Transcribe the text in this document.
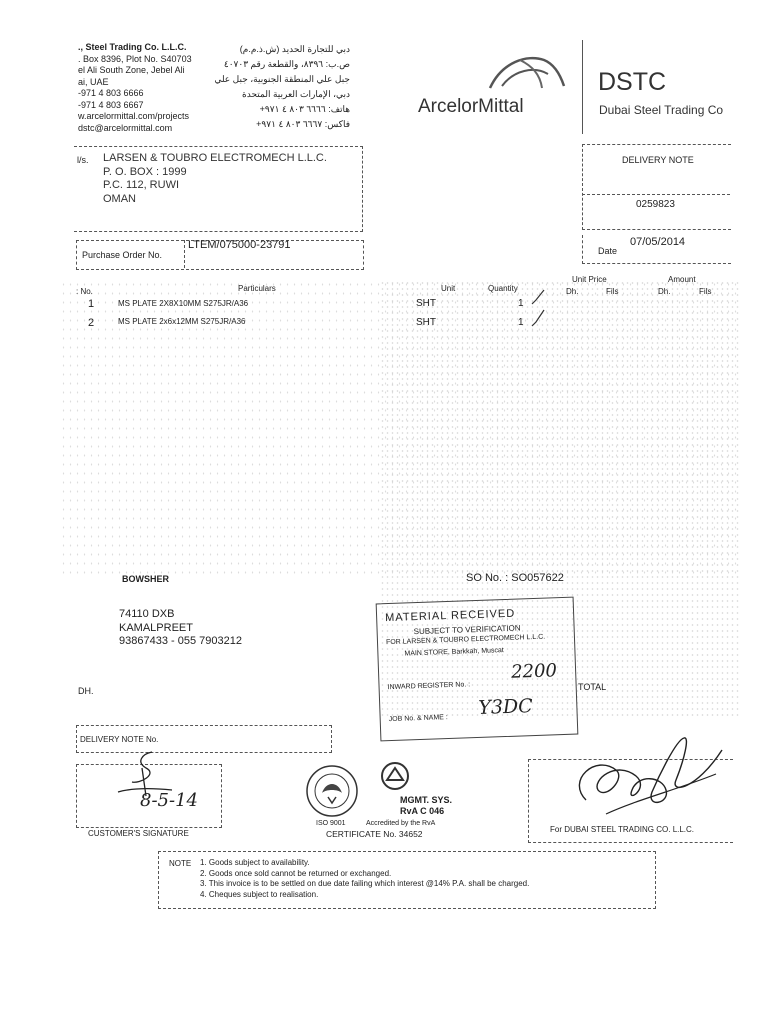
., Steel Trading Co. L.L.C.
. Box 8396, Plot No. S40703
el Ali South Zone, Jebel Ali
ai, UAE
-971 4 803 6666
-971 4 803 6667
w.arcelormittal.com/projects
dstc@arcelormittal.com
دبي للتجارة الحديد (ش.ذ.م.م)
ص.ب: ٨٣٩٦، والقطعة رقم ٤٠٧٠٣
جبل علي المنطقة الجنوبية، جبل علي
دبي، الإمارات العربية المتحدة
هاتف: ٦٦٦٦ ٨٠٣ ٤ ٩٧١+
فاكس: ٦٦٦٧ ٨٠٣ ٤ ٩٧١+
ArcelorMittal
DSTC
Dubai Steel Trading Co
l/s. LARSEN & TOUBRO ELECTROMECH L.L.C.
P. O. BOX : 1999
P.C. 112, RUWI
OMAN
DELIVERY NOTE
0259823
Date
07/05/2014
Purchase Order No.
LTEM/075000-23791
: No.	Particulars	Unit	Quantity
Unit Price
Dh.	Fils
Amount
Dh.	Fils
1	MS PLATE 2X8X10MM S275JR/A36	SHT	1
2	MS PLATE 2x6x12MM S275JR/A36	SHT	1
BOWSHER	SO No. : SO057622
74110 DXB
KAMALPREET
93867433 - 055 7903212
DH.	TOTAL
MATERIAL RECEIVED
SUBJECT TO VERIFICATION
FOR LARSEN & TOUBRO ELECTROMECH L.L.C.
MAIN STORE, Barkkah, Muscat
INWARD REGISTER No. :
2200
JOB No. & NAME : Y3DC
DELIVERY NOTE No.
8-5-14
CUSTOMER'S SIGNATURE
MGMT. SYS.
RvA C 046
ISO 9001	Accredited by the RvA
CERTIFICATE No. 34652	For DUBAI STEEL TRADING CO. L.L.C.
NOTE 1. Goods subject to availability.
2. Goods once sold cannot be returned or exchanged.
3. This invoice is to be settled on due date failing which interest @14% P.A. shall be charged.
4. Cheques subject to realisation.
